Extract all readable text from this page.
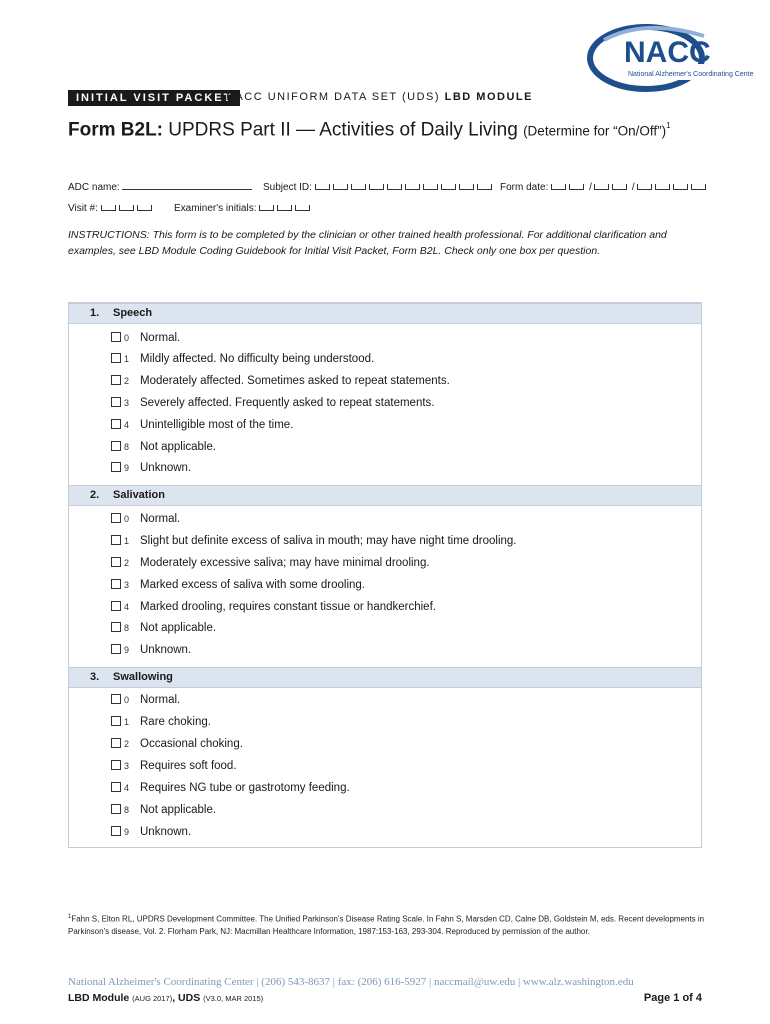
NACC
National Alzheimer's Coordinating Center
INITIAL VISIT PACKET
NACC UNIFORM DATA SET (UDS) LBD MODULE
Form B2L: UPDRS Part II — Activities of Daily Living (Determine for “On/Off”)$^1$
ADC name:	Subject ID:	Form date:	/	/
Visit #:	Examiner's initials:
INSTRUCTIONS: This form is to be completed by the clinician or other trained health professional. For additional clarification and examples, see LBD Module Coding Guidebook for Initial Visit Packet, Form B2L. Check only one box per question.
1. Speech
0 Normal.
1 Mildly affected. No difficulty being understood.
2 Moderately affected. Sometimes asked to repeat statements.
3 Severely affected. Frequently asked to repeat statements.
4 Unintelligible most of the time.
8 Not applicable.
9 Unknown.
2. Salivation
0 Normal.
1 Slight but definite excess of saliva in mouth; may have night time drooling.
2 Moderately excessive saliva; may have minimal drooling.
3 Marked excess of saliva with some drooling.
4 Marked drooling, requires constant tissue or handkerchief.
8 Not applicable.
9 Unknown.
3. Swallowing
0 Normal.
1 Rare choking.
2 Occasional choking.
3 Requires soft food.
4 Requires NG tube or gastrotomy feeding.
8 Not applicable.
9 Unknown.
$^1$Fahn S, Elton RL, UPDRS Development Committee. The Unified Parkinson's Disease Rating Scale. In Fahn S, Marsden CD, Calne DB, Goldstein M, eds. Recent developments in Parkinson's disease, Vol. 2. Florham Park, NJ: Macmillan Healthcare Information, 1987:153-163, 293-304. Reproduced by permission of the author.
National Alzheimer's Coordinating Center | (206) 543-8637 | fax: (206) 616-5927 | naccmail@uw.edu | www.alz.washington.edu
LBD Module (AUG 2017), UDS (V3.0, MAR 2015)	Page 1 of 4
